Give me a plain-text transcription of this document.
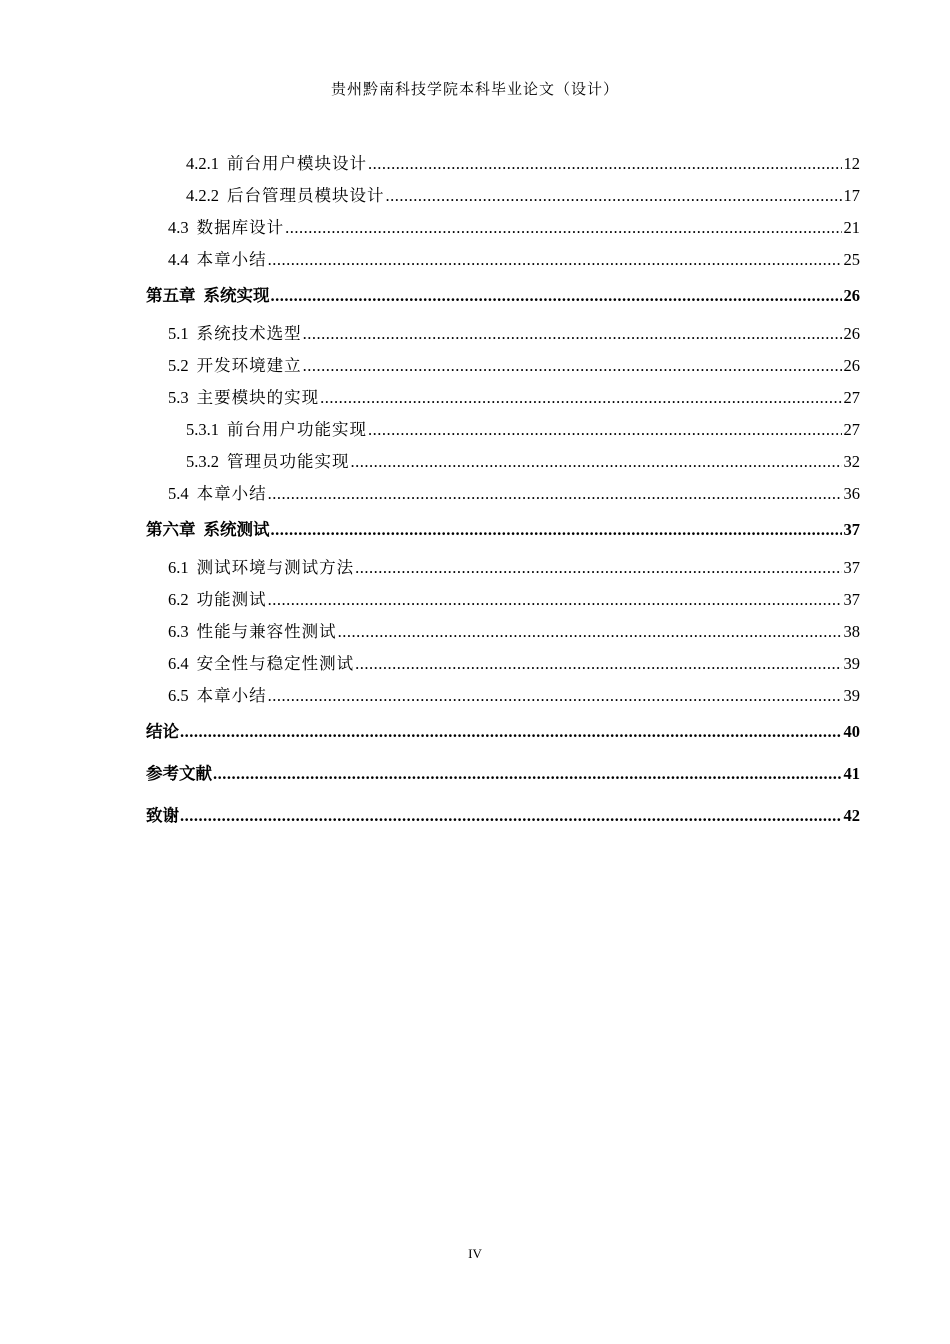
贵州黔南科技学院本科毕业论文（设计）
4.2.1 前台用户模块设计 .....	12
4.2.2 后台管理员模块设计 .....	17
4.3 数据库设计 .....	21
4.4 本章小结 .....	25
第五章 系统实现 .....	26
5.1 系统技术选型 .....	26
5.2 开发环境建立 .....	26
5.3 主要模块的实现 .....	27
5.3.1 前台用户功能实现 .....	27
5.3.2 管理员功能实现 .....	32
5.4 本章小结 .....	36
第六章 系统测试 .....	37
6.1 测试环境与测试方法 .....	37
6.2 功能测试 .....	37
6.3 性能与兼容性测试 .....	38
6.4 安全性与稳定性测试 .....	39
6.5 本章小结 .....	39
结论 .....	40
参考文献 .....	41
致谢 .....	42
IV
